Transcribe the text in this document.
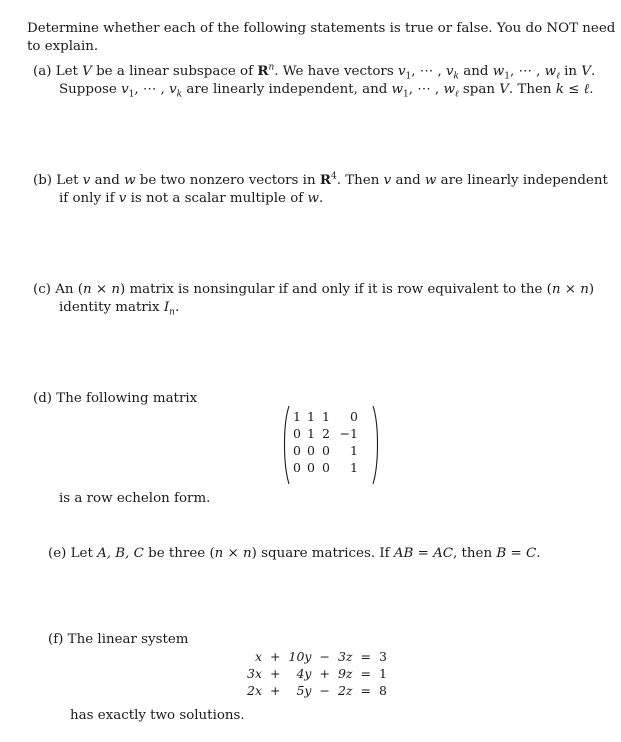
Determine whether each of the following statements is true or false. You do NOT need
to explain.
(a) Let V be a linear subspace of $R^n$. We have vectors $v_1$, ⋯ , $v_k$ and $w_1$, ⋯ , $w_\ell$ in V.
Suppose $v_1$, ⋯ , $v_k$ are linearly independent, and $w_1$, ⋯ , $w_\ell$ span V. Then k ≤ ℓ.
(b) Let v and w be two nonzero vectors in $R^4$. Then v and w are linearly independent
if only if v is not a scalar multiple of w.
(c) An (n × n) matrix is nonsingular if and only if it is row equivalent to the (n × n)
identity matrix $I_n$.
(d) The following matrix
1 1 1	0
0 1 2 −1
0 0 0	1
0 0 0	1
is a row echelon form.
(e) Let A, B, C be three (n × n) square matrices. If AB = AC, then B = C.
(f) The linear system
x	+	10y	−	3z	=	3
3x	+	4y	+	9z	=	1
2x	+	5y	−	2z	=	8
has exactly two solutions.
